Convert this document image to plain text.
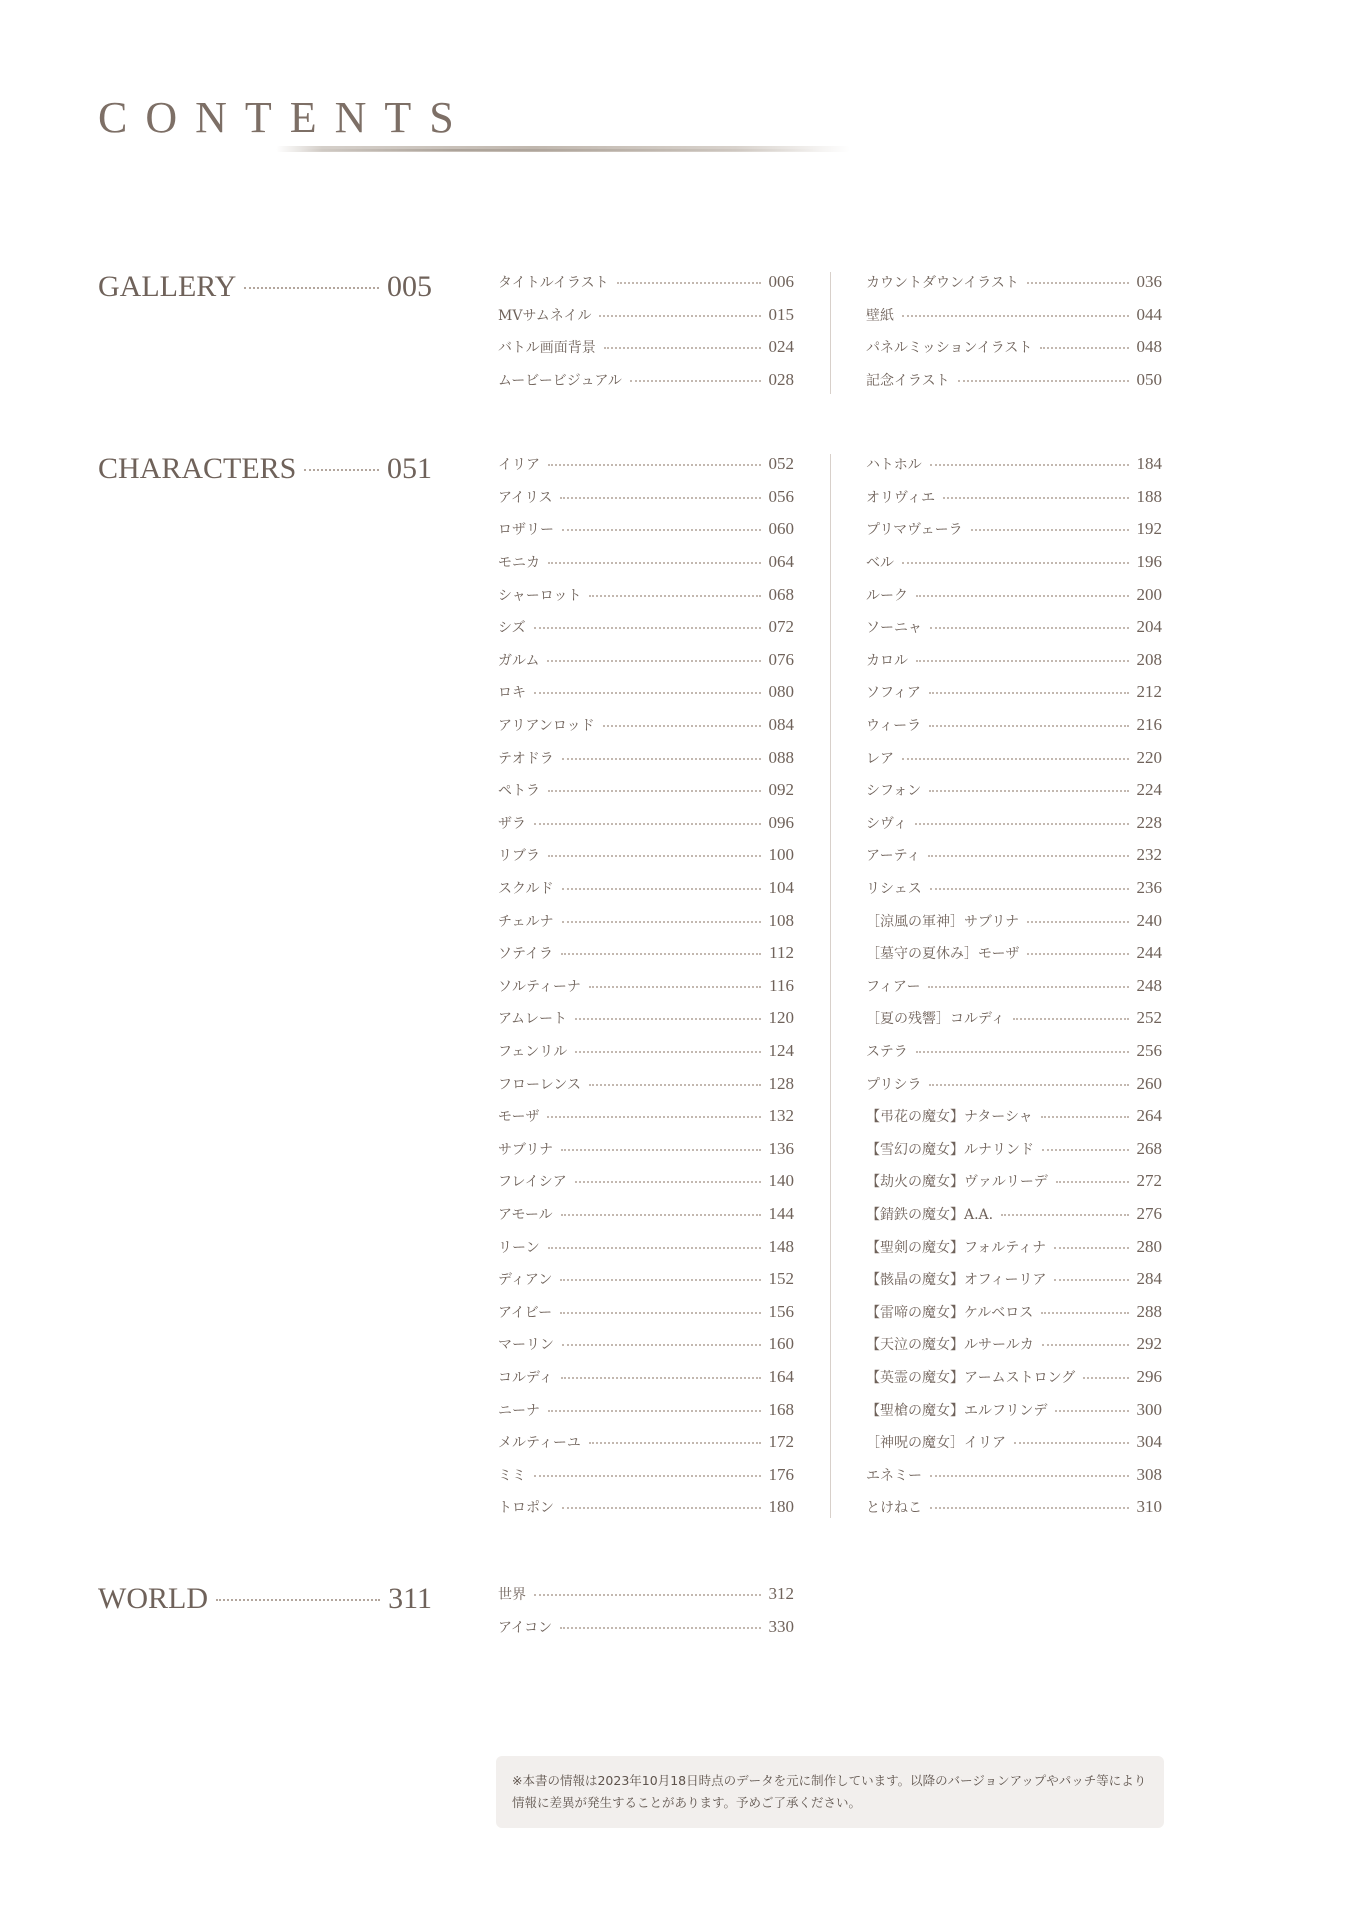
CONTENTS
GALLERY	005	タイトルイラスト	006
MVサムネイル	015
バトル画面背景	024
ムービービジュアル	028
カウントダウンイラスト	036
壁紙	044
パネルミッションイラスト	048
記念イラスト	050
CHARACTERS	051	イリア	052
アイリス	056
ロザリー	060
モニカ	064
シャーロット	068
シズ	072
ガルム	076
ロキ	080
アリアンロッド	084
テオドラ	088
ペトラ	092
ザラ	096
リブラ	100
スクルド	104
チェルナ	108
ソテイラ	112
ソルティーナ	116
アムレート	120
フェンリル	124
フローレンス	128
モーザ	132
サブリナ	136
フレイシア	140
アモール	144
リーン	148
ディアン	152
アイビー	156
マーリン	160
コルディ	164
ニーナ	168
メルティーユ	172
ミミ	176
トロポン	180
ハトホル	184
オリヴィエ	188
プリマヴェーラ	192
ベル	196
ルーク	200
ソーニャ	204
カロル	208
ソフィア	212
ウィーラ	216
レア	220
シフォン	224
シヴィ	228
アーティ	232
リシェス	236
［涼風の軍神］サブリナ	240
［墓守の夏休み］モーザ	244
フィアー	248
［夏の残響］コルディ	252
ステラ	256
プリシラ	260
【弔花の魔女】ナターシャ	264
【雪幻の魔女】ルナリンド	268
【劫火の魔女】ヴァルリーデ	272
【錆鉄の魔女】A.A.	276
【聖剣の魔女】フォルティナ	280
【骸晶の魔女】オフィーリア	284
【雷啼の魔女】ケルベロス	288
【天泣の魔女】ルサールカ	292
【英霊の魔女】アームストロング	296
【聖槍の魔女】エルフリンデ	300
［神呪の魔女］イリア	304
エネミー	308
とけねこ	310
WORLD	311	世界	312
アイコン	330
※本書の情報は2023年10月18日時点のデータを元に制作しています。以降のバージョンアップやパッチ等により情報に差異が発生することがあります。予めご了承ください。
